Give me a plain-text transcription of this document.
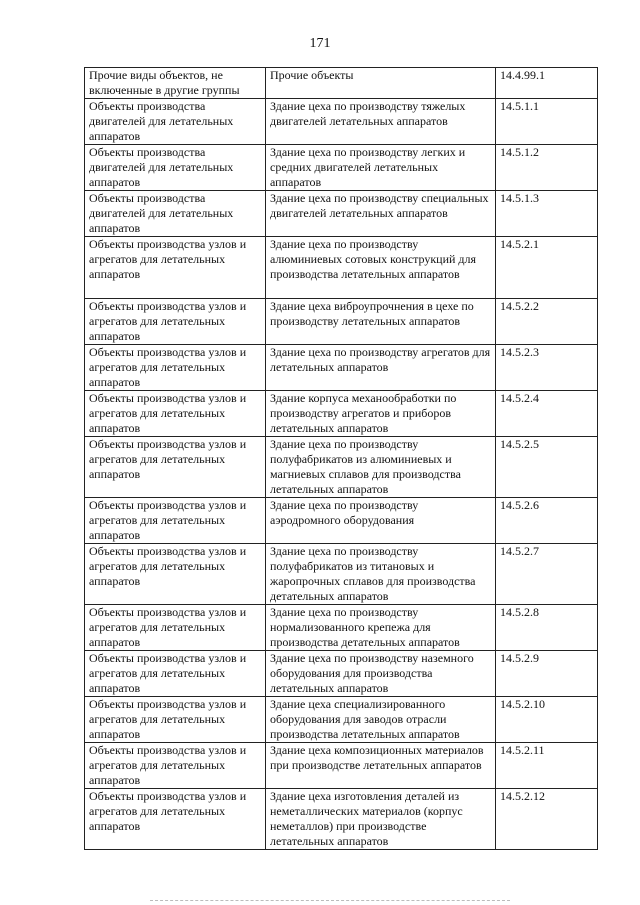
171
Прочие виды объектов, не включенные в другие группы	Прочие объекты	14.4.99.1
Объекты производства двигателей для летательных аппаратов	Здание цеха по производству тяжелых двигателей летательных аппаратов	14.5.1.1
Объекты производства двигателей для летательных аппаратов	Здание цеха по производству легких и средних двигателей летательных аппаратов	14.5.1.2
Объекты производства двигателей для летательных аппаратов	Здание цеха по производству специальных двигателей летательных аппаратов	14.5.1.3
Объекты производства узлов и агрегатов для летательных аппаратов	Здание цеха по производству алюминиевых сотовых конструкций для производства летательных аппаратов	14.5.2.1
Объекты производства узлов и агрегатов для летательных аппаратов	Здание цеха виброупрочнения в цехе по производству летательных аппаратов	14.5.2.2
Объекты производства узлов и агрегатов для летательных аппаратов	Здание цеха по производству агрегатов для летательных аппаратов	14.5.2.3
Объекты производства узлов и агрегатов для летательных аппаратов	Здание корпуса механообработки по производству агрегатов и приборов летательных аппаратов	14.5.2.4
Объекты производства узлов и агрегатов для летательных аппаратов	Здание цеха по производству полуфабрикатов из алюминиевых и магниевых сплавов для производства летательных аппаратов	14.5.2.5
Объекты производства узлов и агрегатов для летательных аппаратов	Здание цеха по производству аэродромного оборудования	14.5.2.6
Объекты производства узлов и агрегатов для летательных аппаратов	Здание цеха по производству полуфабрикатов из титановых и жаропрочных сплавов для производства детательных аппаратов	14.5.2.7
Объекты производства узлов и агрегатов для летательных аппаратов	Здание цеха по производству нормализованного крепежа для производства детательных аппаратов	14.5.2.8
Объекты производства узлов и агрегатов для летательных аппаратов	Здание цеха по производству наземного оборудования для производства летательных аппаратов	14.5.2.9
Объекты производства узлов и агрегатов для летательных аппаратов	Здание цеха специализированного оборудования для заводов отрасли производства летательных аппаратов	14.5.2.10
Объекты производства узлов и агрегатов для летательных аппаратов	Здание цеха композиционных материалов при производстве летательных аппаратов	14.5.2.11
Объекты производства узлов и агрегатов для летательных аппаратов	Здание цеха изготовления деталей из неметаллических материалов (корпус неметаллов) при производстве летательных аппаратов	14.5.2.12
